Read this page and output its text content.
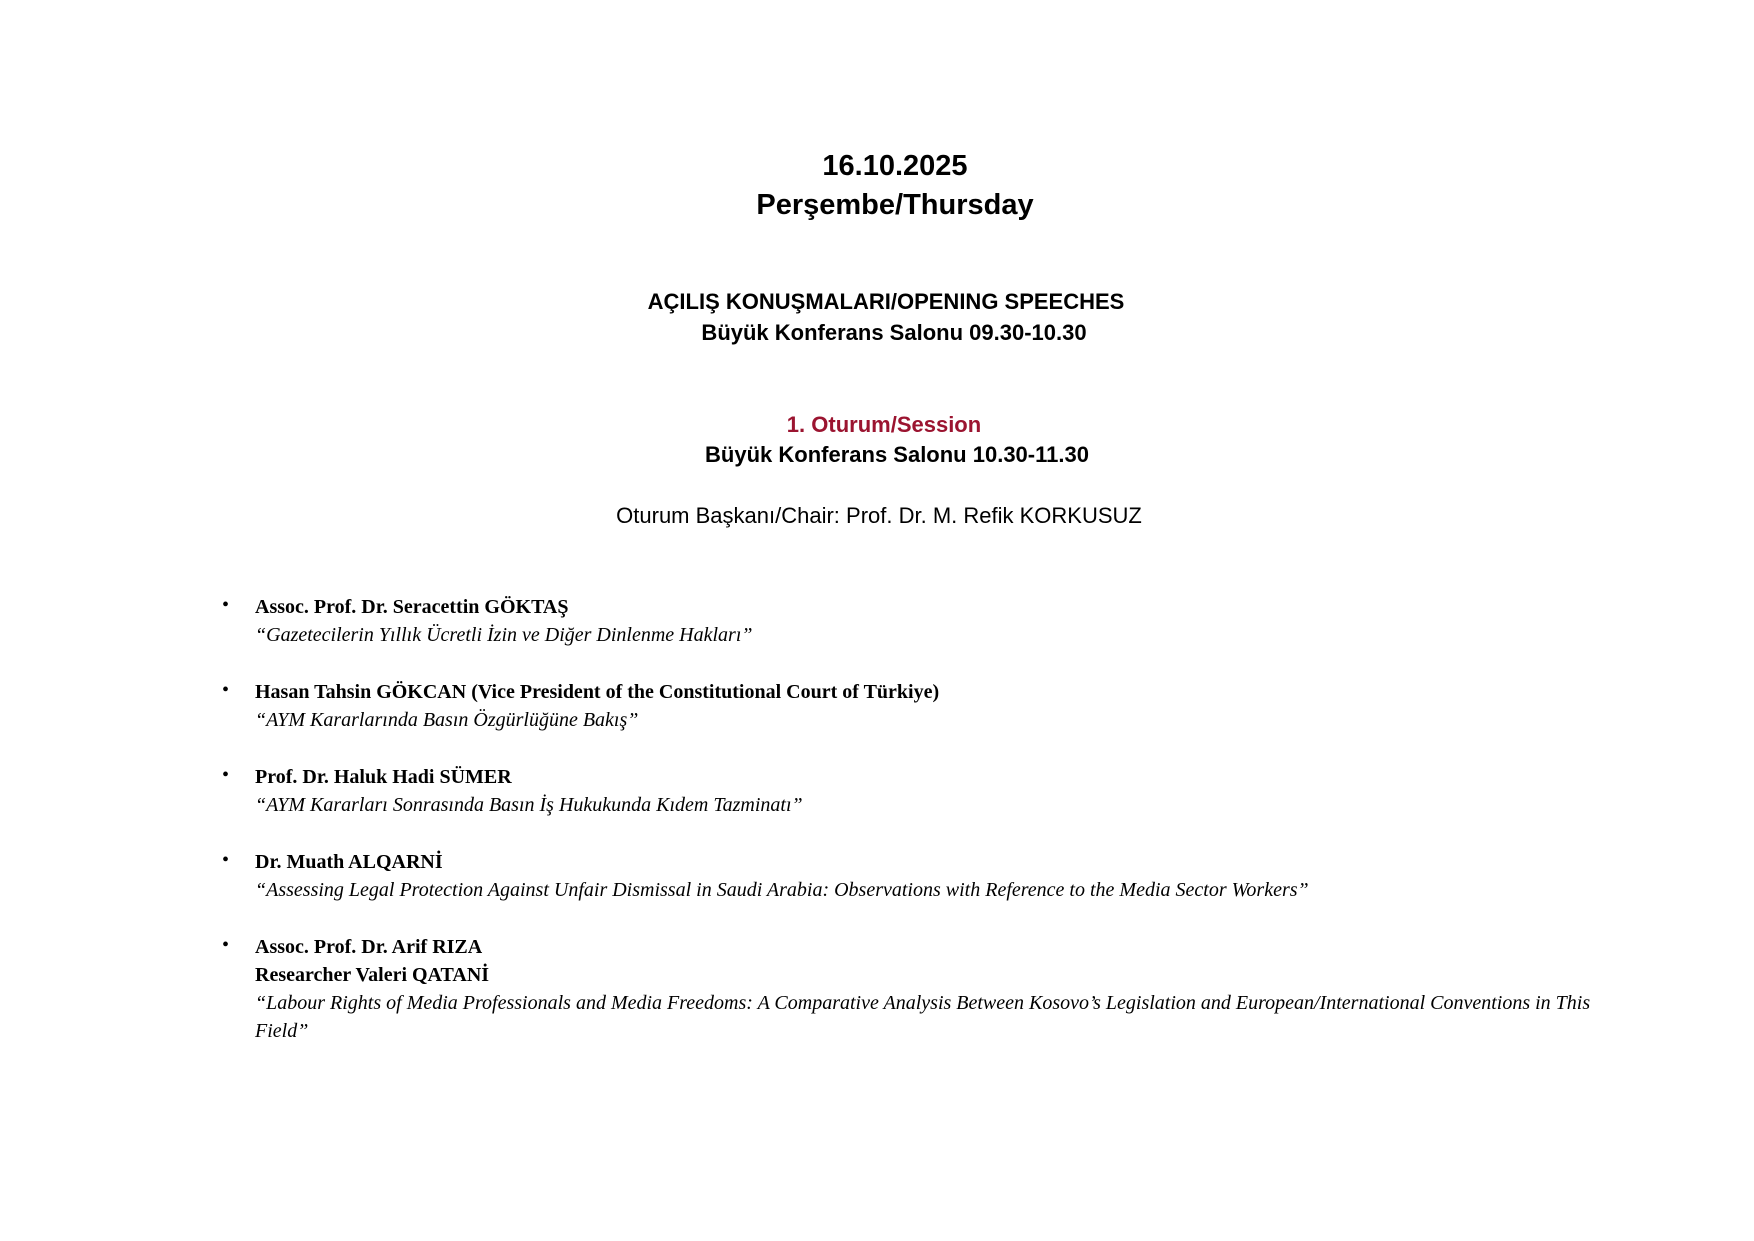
16.10.2025
Perşembe/Thursday
AÇILIŞ KONUŞMALARI/OPENING SPEECHES
Büyük Konferans Salonu 09.30-10.30
1. Oturum/Session
Büyük Konferans Salonu 10.30-11.30
Oturum Başkanı/Chair: Prof. Dr. M. Refik KORKUSUZ
• Assoc. Prof. Dr. Seracettin GÖKTAŞ
“Gazetecilerin Yıllık Ücretli İzin ve Diğer Dinlenme Hakları”
• Hasan Tahsin GÖKCAN (Vice President of the Constitutional Court of Türkiye)
“AYM Kararlarında Basın Özgürlüğüne Bakış”
• Prof. Dr. Haluk Hadi SÜMER
“AYM Kararları Sonrasında Basın İş Hukukunda Kıdem Tazminatı”
• Dr. Muath ALQARNİ
“Assessing Legal Protection Against Unfair Dismissal in Saudi Arabia: Observations with Reference to the Media Sector Workers”
• Assoc. Prof. Dr. Arif RIZA
Researcher Valeri QATANİ
“Labour Rights of Media Professionals and Media Freedoms: A Comparative Analysis Between Kosovo’s Legislation and European/International Conventions in This Field”
